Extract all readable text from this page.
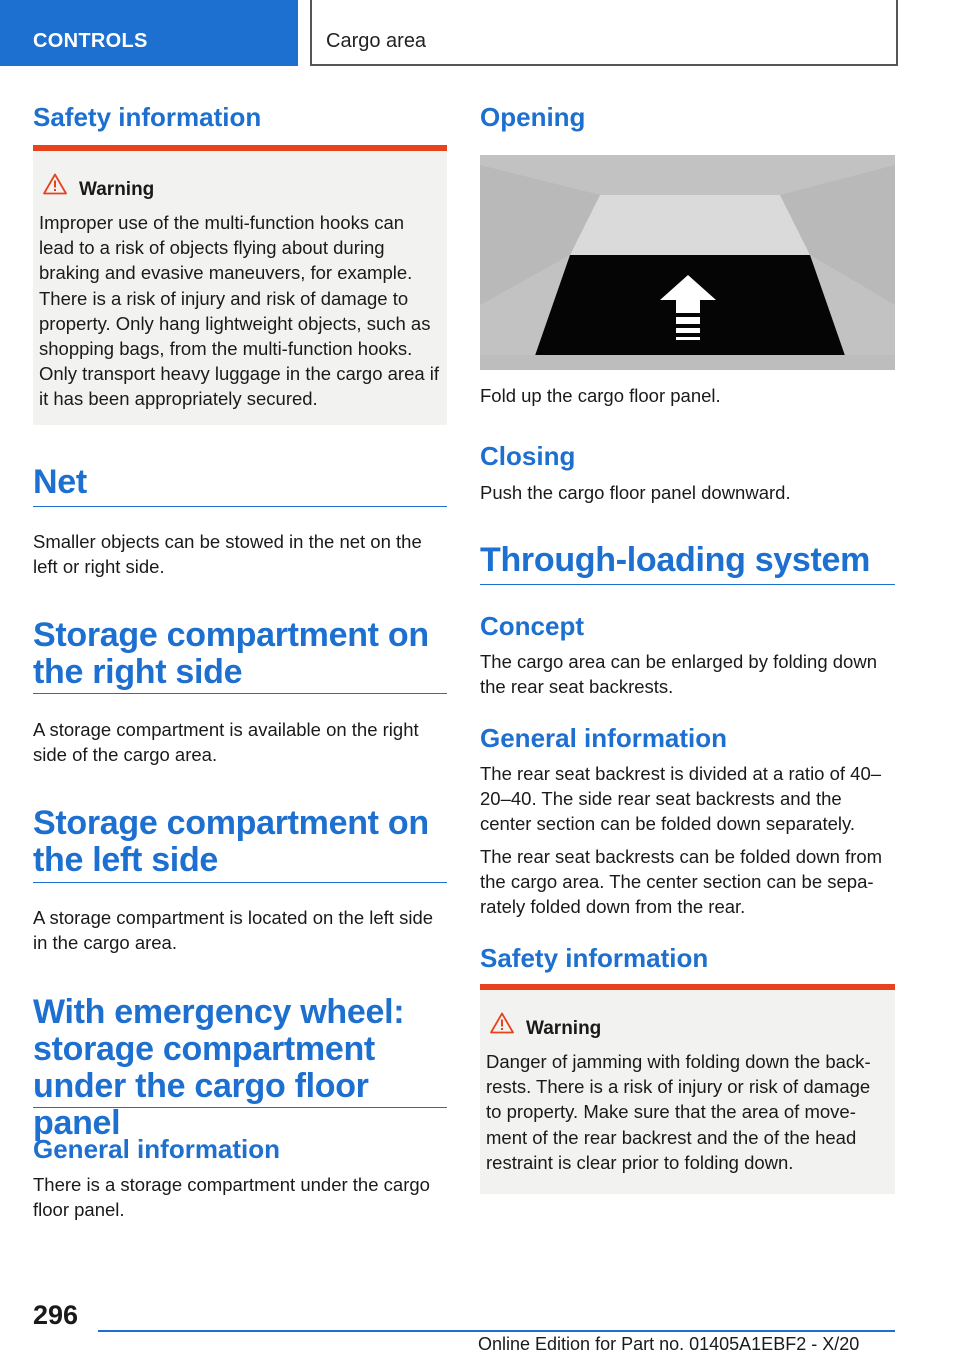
CONTROLS	Cargo area
Safety information
Warning
Improper use of the multi-function hooks can lead to a risk of objects flying about during braking and evasive maneuvers, for example. There is a risk of injury and risk of damage to property. Only hang lightweight objects, such as shopping bags, from the multi-function hooks. Only transport heavy luggage in the cargo area if it has been appropriately secured.
Net
Smaller objects can be stowed in the net on the left or right side.
Storage compartment on the right side
A storage compartment is available on the right side of the cargo area.
Storage compartment on the left side
A storage compartment is located on the left side in the cargo area.
With emergency wheel: storage compartment under the cargo floor panel
General information
There is a storage compartment under the cargo floor panel.
Opening
Fold up the cargo floor panel.
Closing
Push the cargo floor panel downward.
Through-loading system
Concept
The cargo area can be enlarged by folding down the rear seat backrests.
General information
The rear seat backrest is divided at a ratio of 40–20–40. The side rear seat backrests and the center section can be folded down separately.
The rear seat backrests can be folded down from the cargo area. The center section can be separately folded down from the rear.
Safety information
Warning
Danger of jamming with folding down the backrests. There is a risk of injury or risk of damage to property. Make sure that the area of movement of the rear backrest and the of the head restraint is clear prior to folding down.
296
Online Edition for Part no. 01405A1EBF2 - X/20
